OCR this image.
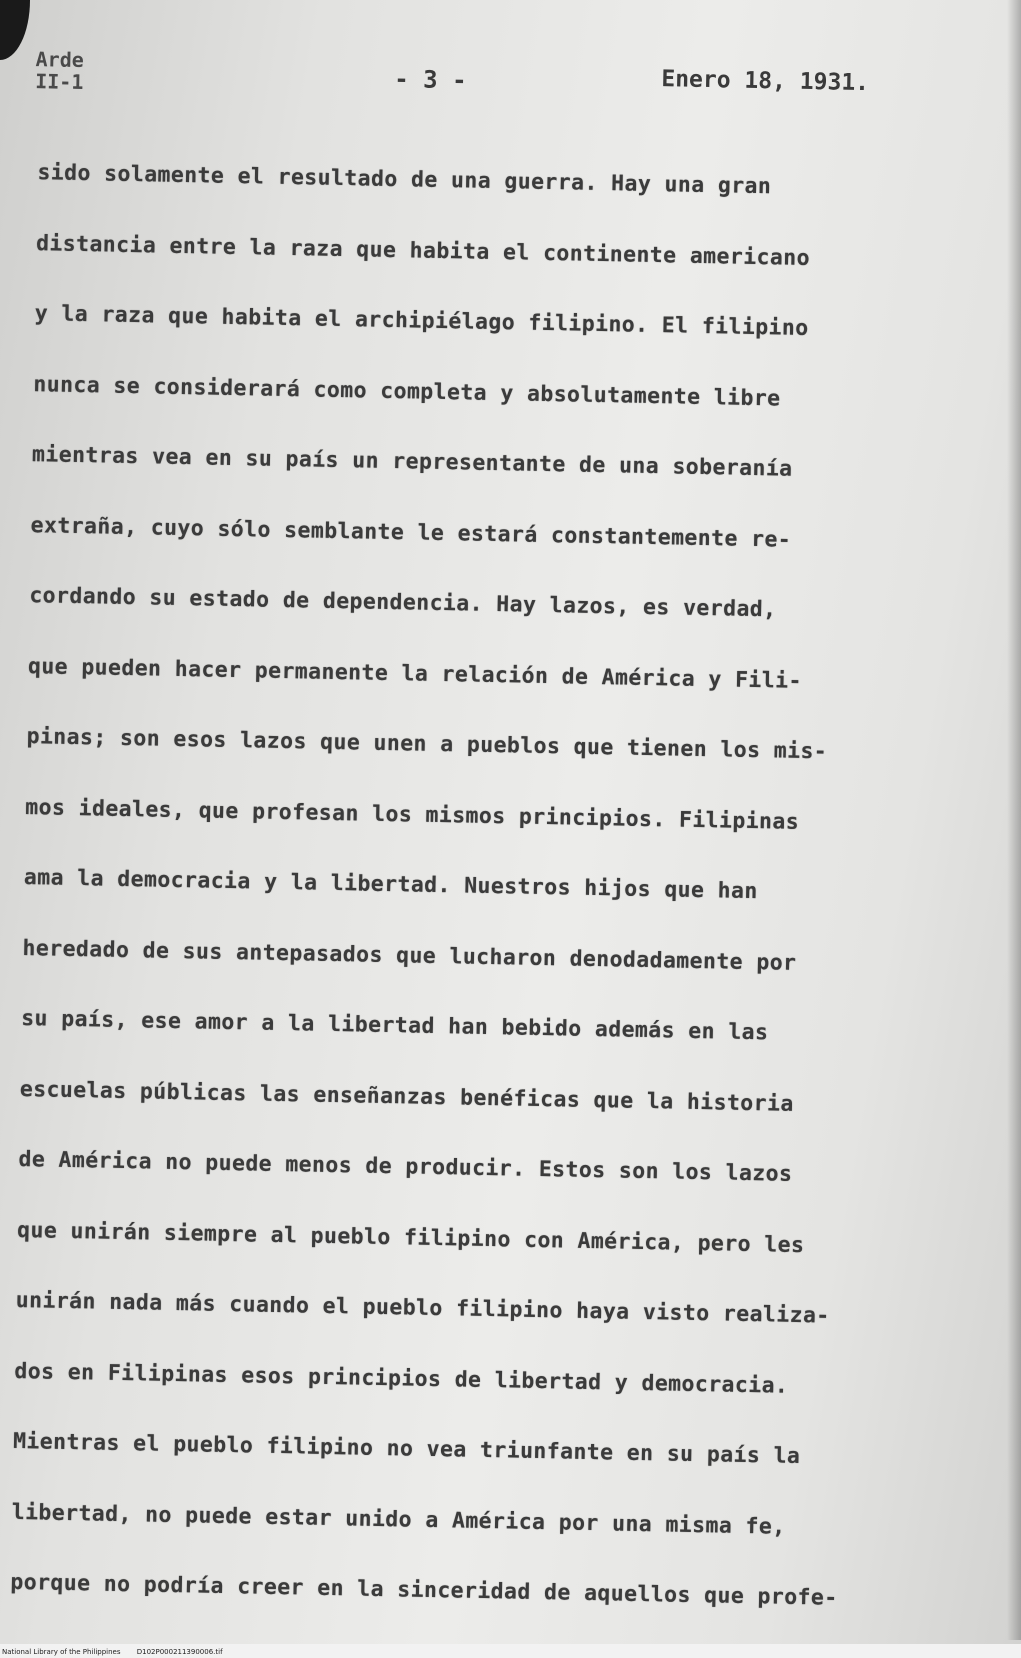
Arde
II-1	- 3 -	Enero 18, 1931.
sido solamente el resultado de una guerra. Hay una gran
distancia entre la raza que habita el continente americano
y la raza que habita el archipiélago filipino. El filipino
nunca se considerará como completa y absolutamente libre
mientras vea en su país un representante de una soberanía
extraña, cuyo sólo semblante le estará constantemente re-
cordando su estado de dependencia. Hay lazos, es verdad,
que pueden hacer permanente la relación de América y Fili-
pinas; son esos lazos que unen a pueblos que tienen los mis-
mos ideales, que profesan los mismos principios. Filipinas
ama la democracia y la libertad. Nuestros hijos que han
heredado de sus antepasados que lucharon denodadamente por
su país, ese amor a la libertad han bebido además en las
escuelas públicas las enseñanzas benéficas que la historia
de América no puede menos de producir. Estos son los lazos
que unirán siempre al pueblo filipino con América, pero les
unirán nada más cuando el pueblo filipino haya visto realiza-
dos en Filipinas esos principios de libertad y democracia.
Mientras el pueblo filipino no vea triunfante en su país la
libertad, no puede estar unido a América por una misma fe,
porque no podría creer en la sinceridad de aquellos que profe-
National Library of the Philippines D102P000211390006.tif
